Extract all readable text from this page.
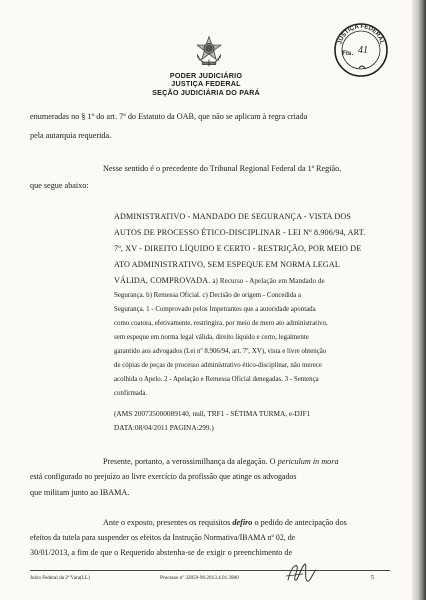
PODER JUDICIÁRIO
JUSTIÇA FEDERAL
SEÇÃO JUDICIÁRIA DO PARÁ
JUSTIÇA FEDERAL
Fls. 41
enumeradas no § 1º do art. 7º do Estatuto da OAB, que não se aplicam à regra criada
pela autarquia requerida.
Nesse sentido é o precedente do Tribunal Regional Federal da 1ª Região,
que segue abaixo:
ADMINISTRATIVO - MANDADO DE SEGURANÇA - VISTA DOS
AUTOS DE PROCESSO ÉTICO-DISCIPLINAR - LEI Nº 8.906/94, ART.
7º, XV - DIREITO LÍQUIDO E CERTO - RESTRIÇÃO, POR MEIO DE
ATO ADMINISTRATIVO, SEM ESPEQUE EM NORMA LEGAL
VÁLIDA, COMPROVADA. a) Recurso - Apelação em Mandado de
Segurança. b) Remessa Oficial. c) Decisão de origem - Concedida a
Segurança. 1 - Comprovado pelos Impetrantes que a autoridade apontada
como coatora, efetivamente, restringira, por meio de mero ato administrativo,
sem espeque em norma legal válida, direito líquido e certo, legalmente
garantido aos advogados (Lei nº 8.906/94, art. 7º, XV), vista e livre obtenção
de cópias de peças de processo administrativo ético-disciplinar, não merece
acolhida o Apelo. 2 - Apelação e Remessa Oficial denegadas. 3 - Sentença
confirmada.
(AMS 200735000089140, null, TRF1 - SÉTIMA TURMA, e-DJF1
DATA:08/04/2011 PAGINA:299.)
Presente, portanto, a verossimilhança da alegação. O periculum in mora
está configurado no prejuízo ao livre exercício da profissão que atinge os advogados
que militam junto ao IBAMA.
Ante o exposto, presentes os requisitos defiro o pedido de antecipação dos
efeitos da tutela para suspender os efeitos da Instrução Normativa/IBAMA nº 02, de
30/01/2013, a fim de que o Requerido abstenha-se de exigir o preenchimento de
Juízo Federal da 2ª Vara(LL)	Processo nº 32859-96.2013.4.01.3900	5
